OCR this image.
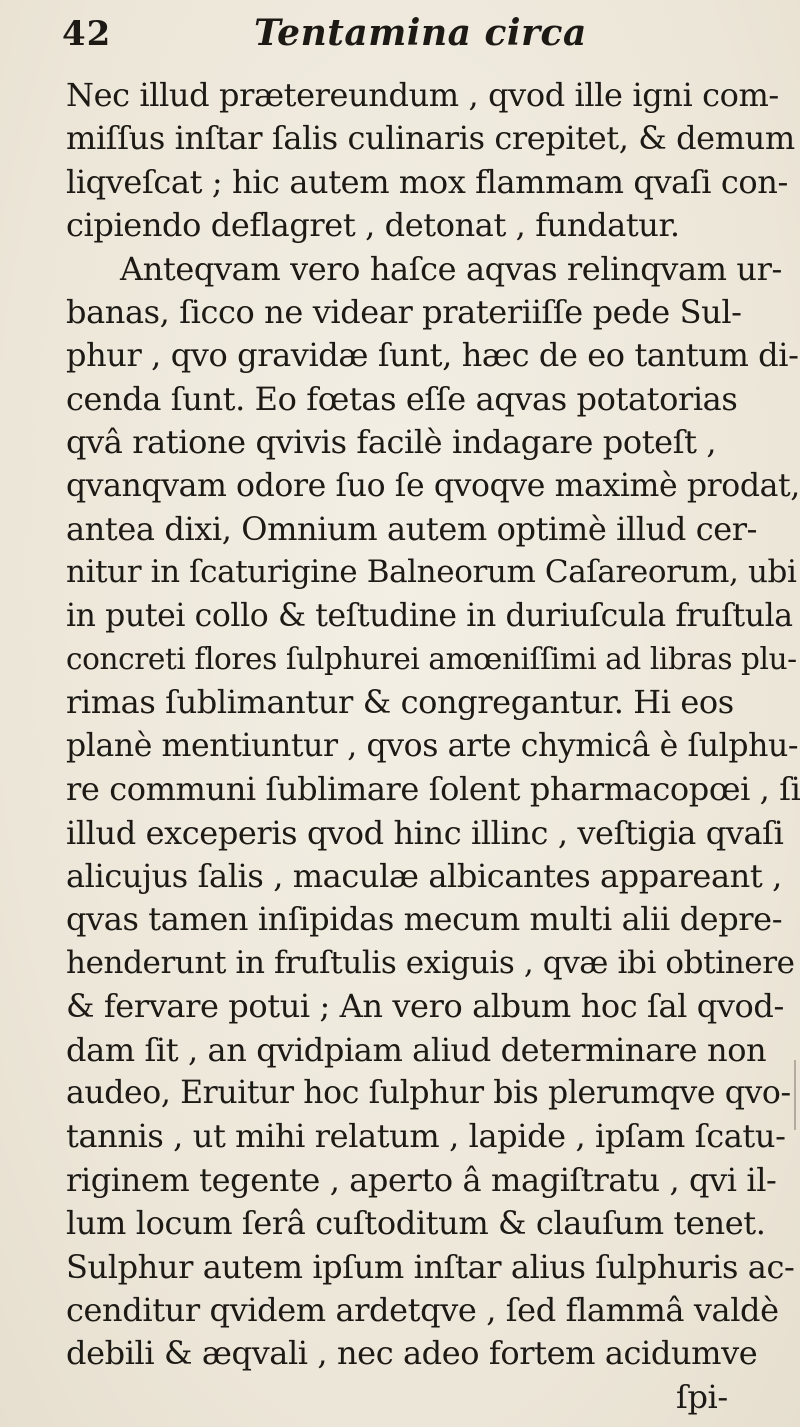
42	Tentamina circa
Nec illud prætereundum , qvod ille igni com-
miſſus inſtar ſalis culinaris crepitet, & demum
liqveſcat ; hic autem mox flammam qvaſi con-
cipiendo deflagret , detonat , fundatur.
Anteqvam vero haſce aqvas relinqvam ur-
banas, ſicco ne videar prateriiſſe pede Sul-
phur , qvo gravidæ ſunt, hæc de eo tantum di-
cenda ſunt. Eo fœtas eſſe aqvas potatorias
qvâ ratione qvivis facilè indagare poteſt ,
qvanqvam odore ſuo ſe qvoqve maximè prodat,
antea dixi, Omnium autem optimè illud cer-
nitur in ſcaturigine Balneorum Caſareorum, ubi
in putei collo & teſtudine in duriuſcula fruſtula
concreti flores ſulphurei amœniſſimi ad libras plu-
rimas ſublimantur & congregantur. Hi eos
planè mentiuntur , qvos arte chymicâ è ſulphu-
re communi ſublimare ſolent pharmacopœi , ſi
illud exceperis qvod hinc illinc , veſtigia qvaſi
alicujus ſalis , maculæ albicantes appareant ,
qvas tamen inſipidas mecum multi alii depre-
henderunt in fruſtulis exiguis , qvæ ibi obtinere
& fervare potui ; An vero album hoc ſal qvod-
dam ſit , an qvidpiam aliud determinare non
audeo, Eruitur hoc ſulphur bis plerumqve qvo-
tannis , ut mihi relatum , lapide , ipſam ſcatu-
riginem tegente , aperto â magiſtratu , qvi il-
lum locum ſerâ cuſtoditum & clauſum tenet.
Sulphur autem ipſum inſtar alius ſulphuris ac-
cenditur qvidem ardetqve , ſed flammâ valdè
debili & æqvali , nec adeo fortem acidumve
ſpi-
